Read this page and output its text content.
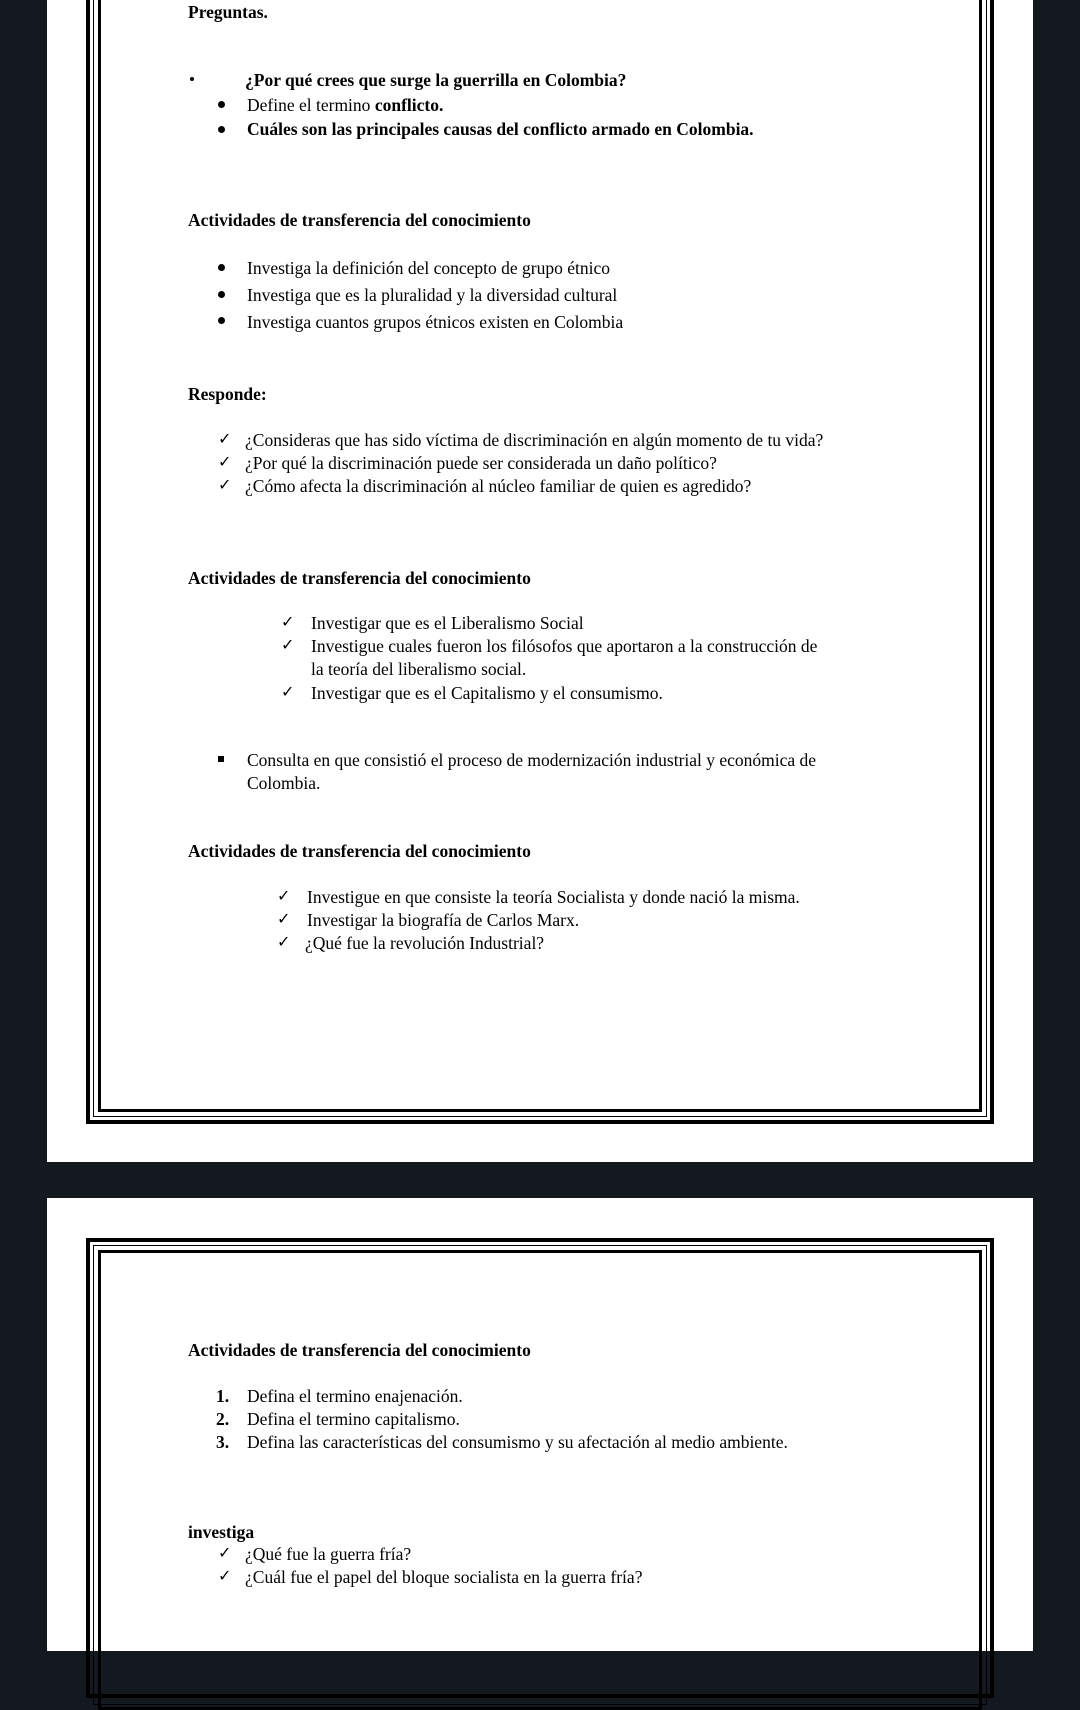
Preguntas.
¿Por qué crees que surge la guerrilla en Colombia?
Define el termino conflicto.
Cuáles son las principales causas del conflicto armado en Colombia.
Actividades de transferencia del conocimiento
Investiga la definición del concepto de grupo étnico
Investiga que es la pluralidad y la diversidad cultural
Investiga cuantos grupos étnicos existen en Colombia
Responde:
✓ ¿Consideras que has sido víctima de discriminación en algún momento de tu vida?
✓ ¿Por qué la discriminación puede ser considerada un daño político?
✓ ¿Cómo afecta la discriminación al núcleo familiar de quien es agredido?
Actividades de transferencia del conocimiento
✓ Investigar que es el Liberalismo Social
✓ Investigue cuales fueron los filósofos que aportaron a la construcción de
la teoría del liberalismo social.
✓ Investigar que es el Capitalismo y el consumismo.
Consulta en que consistió el proceso de modernización industrial y económica de
Colombia.
Actividades de transferencia del conocimiento
✓ Investigue en que consiste la teoría Socialista y donde nació la misma.
✓ Investigar la biografía de Carlos Marx.
✓ ¿Qué fue la revolución Industrial?
Actividades de transferencia del conocimiento
1. Defina el termino enajenación.
2. Defina el termino capitalismo.
3. Defina las características del consumismo y su afectación al medio ambiente.
investiga
✓ ¿Qué fue la guerra fría?
✓ ¿Cuál fue el papel del bloque socialista en la guerra fría?
